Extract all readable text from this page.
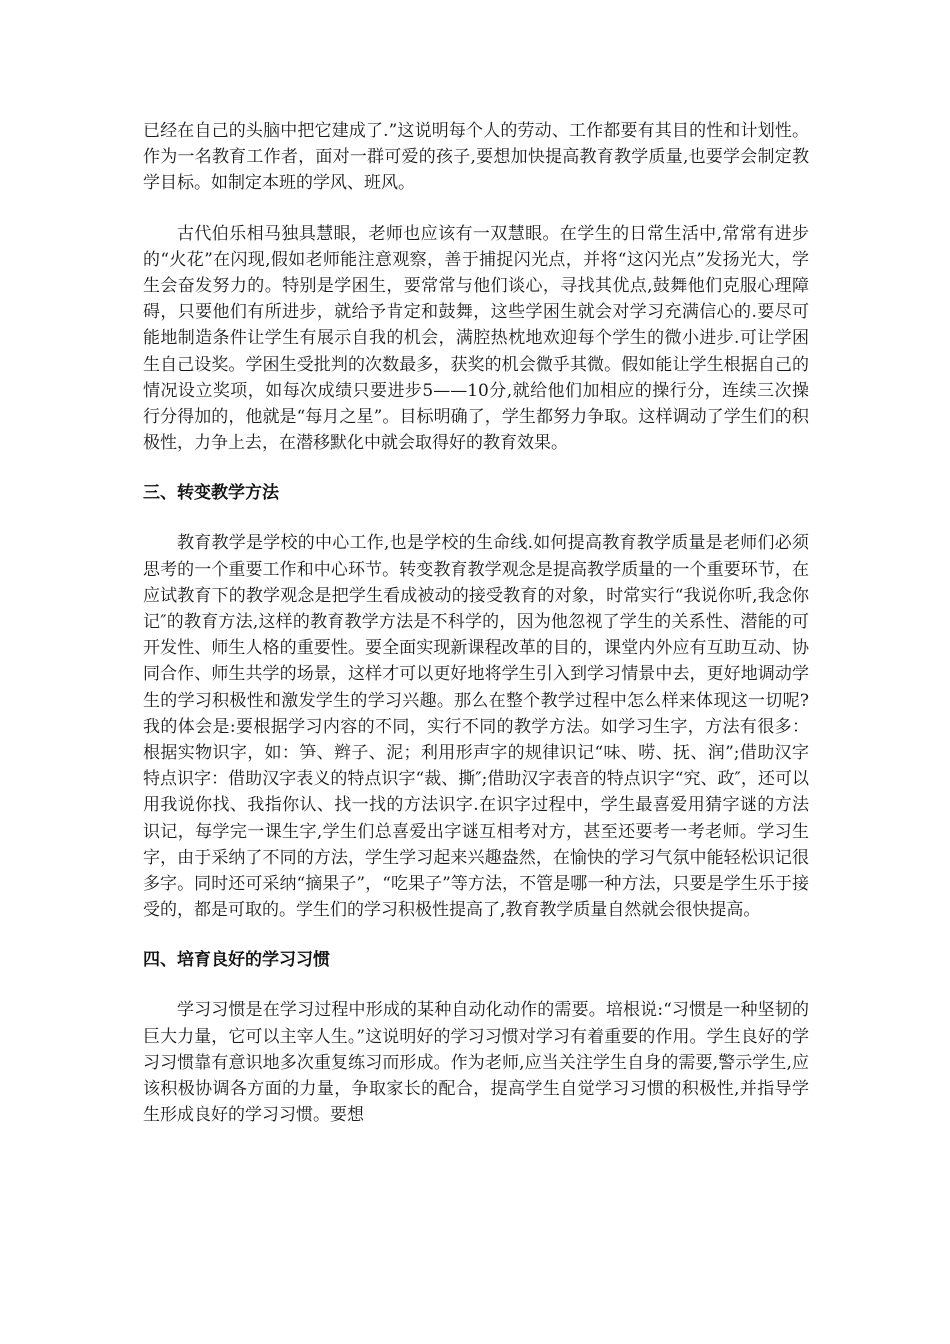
已经在自己的头脑中把它建成了.”这说明每个人的劳动、工作都要有其目的性和计划性。作为一名教育工作者，面对一群可爱的孩子,要想加快提高教育教学质量,也要学会制定教学目标。如制定本班的学风、班风。

古代伯乐相马独具慧眼，老师也应该有一双慧眼。在学生的日常生活中,常常有进步的“火花”在闪现,假如老师能注意观察，善于捕捉闪光点，并将“这闪光点”发扬光大，学生会奋发努力的。特别是学困生，要常常与他们谈心，寻找其优点,鼓舞他们克服心理障碍，只要他们有所进步，就给予肯定和鼓舞，这些学困生就会对学习充满信心的.要尽可能地制造条件让学生有展示自我的机会，满腔热枕地欢迎每个学生的微小进步.可让学困生自己设奖。学困生受批判的次数最多，获奖的机会微乎其微。假如能让学生根据自己的情况设立奖项，如每次成绩只要进步5——10分,就给他们加相应的操行分，连续三次操行分得加的，他就是“每月之星”。目标明确了，学生都努力争取。这样调动了学生们的积极性，力争上去，在潜移默化中就会取得好的教育效果。

三、转变教学方法

教育教学是学校的中心工作,也是学校的生命线.如何提高教育教学质量是老师们必须思考的一个重要工作和中心环节。转变教育教学观念是提高教学质量的一个重要环节，在应试教育下的教学观念是把学生看成被动的接受教育的对象，时常实行“我说你听,我念你记″的教育方法,这样的教育教学方法是不科学的，因为他忽视了学生的关系性、潜能的可开发性、师生人格的重要性。要全面实现新课程改革的目的，课堂内外应有互助互动、协同合作、师生共学的场景，这样才可以更好地将学生引入到学习情景中去，更好地调动学生的学习积极性和激发学生的学习兴趣。那么在整个教学过程中怎么样来体现这一切呢?我的体会是:要根据学习内容的不同，实行不同的教学方法。如学习生字，方法有很多：根据实物识字，如：笋、辫子、泥；利用形声字的规律识记“味、唠、抚、润”;借助汉字特点识字：借助汉字表义的特点识字“裁、撕″;借助汉字表音的特点识字“究、政″，还可以用我说你找、我指你认、找一找的方法识字.在识字过程中，学生最喜爱用猜字谜的方法识记，每学完一课生字,学生们总喜爱出字谜互相考对方，甚至还要考一考老师。学习生字，由于采纳了不同的方法，学生学习起来兴趣盎然，在愉快的学习气氛中能轻松识记很多字。同时还可采纳“摘果子”，“吃果子”等方法，不管是哪一种方法，只要是学生乐于接受的，都是可取的。学生们的学习积极性提高了,教育教学质量自然就会很快提高。

四、培育良好的学习习惯

学习习惯是在学习过程中形成的某种自动化动作的需要。培根说:“习惯是一种坚韧的巨大力量，它可以主宰人生。”这说明好的学习习惯对学习有着重要的作用。学生良好的学习习惯靠有意识地多次重复练习而形成。作为老师,应当关注学生自身的需要,警示学生,应该积极协调各方面的力量，争取家长的配合，提高学生自觉学习习惯的积极性,并指导学生形成良好的学习习惯。要想
